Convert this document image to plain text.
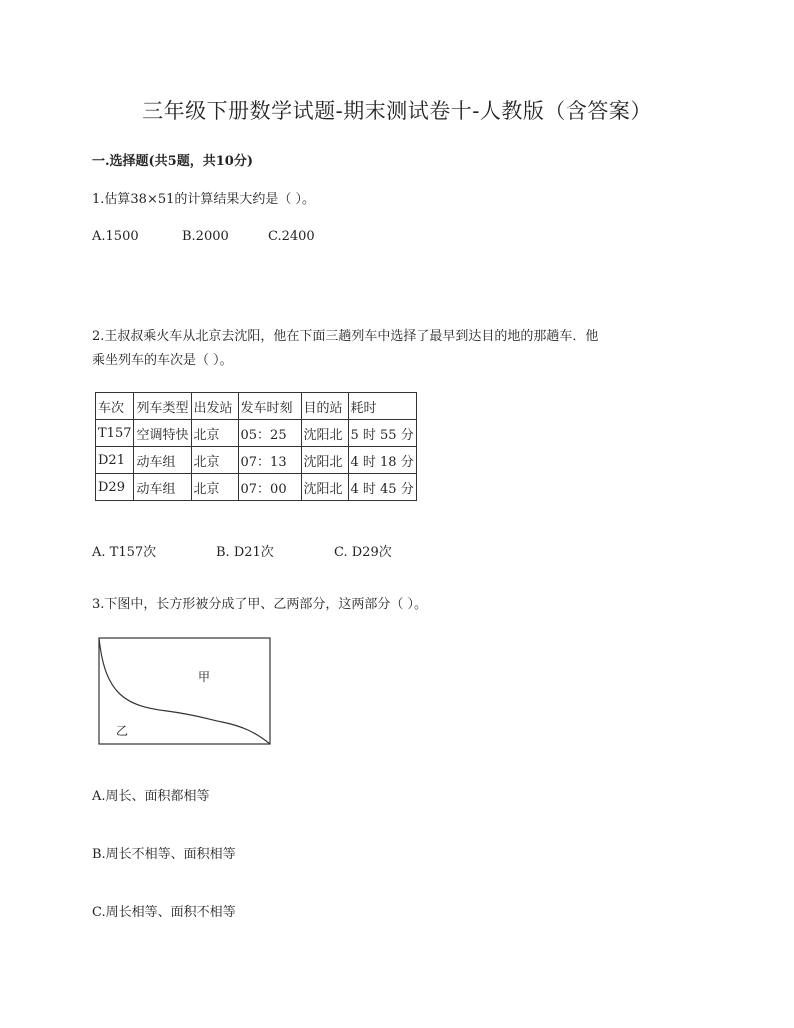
三年级下册数学试题-期末测试卷十-人教版（含答案）
一.选择题(共5题，共10分)
1.估算38×51的计算结果大约是（ ）。
A.1500	B.2000	C.2400
2.王叔叔乘火车从北京去沈阳，他在下面三趟列车中选择了最早到达目的地的那趟车．他
乘坐列车的车次是（ ）。
车次	列车类型	出发站	发车时刻	目的站	耗时
T157	空调特快	北京	05：25	沈阳北	5 时 55 分
D21	动车组	北京	07：13	沈阳北	4 时 18 分
D29	动车组	北京	07：00	沈阳北	4 时 45 分
A. T157次	B. D21次	C. D29次
3.下图中，长方形被分成了甲、乙两部分，这两部分（ ）。
甲
乙
A.周长、面积都相等
B.周长不相等、面积相等
C.周长相等、面积不相等
